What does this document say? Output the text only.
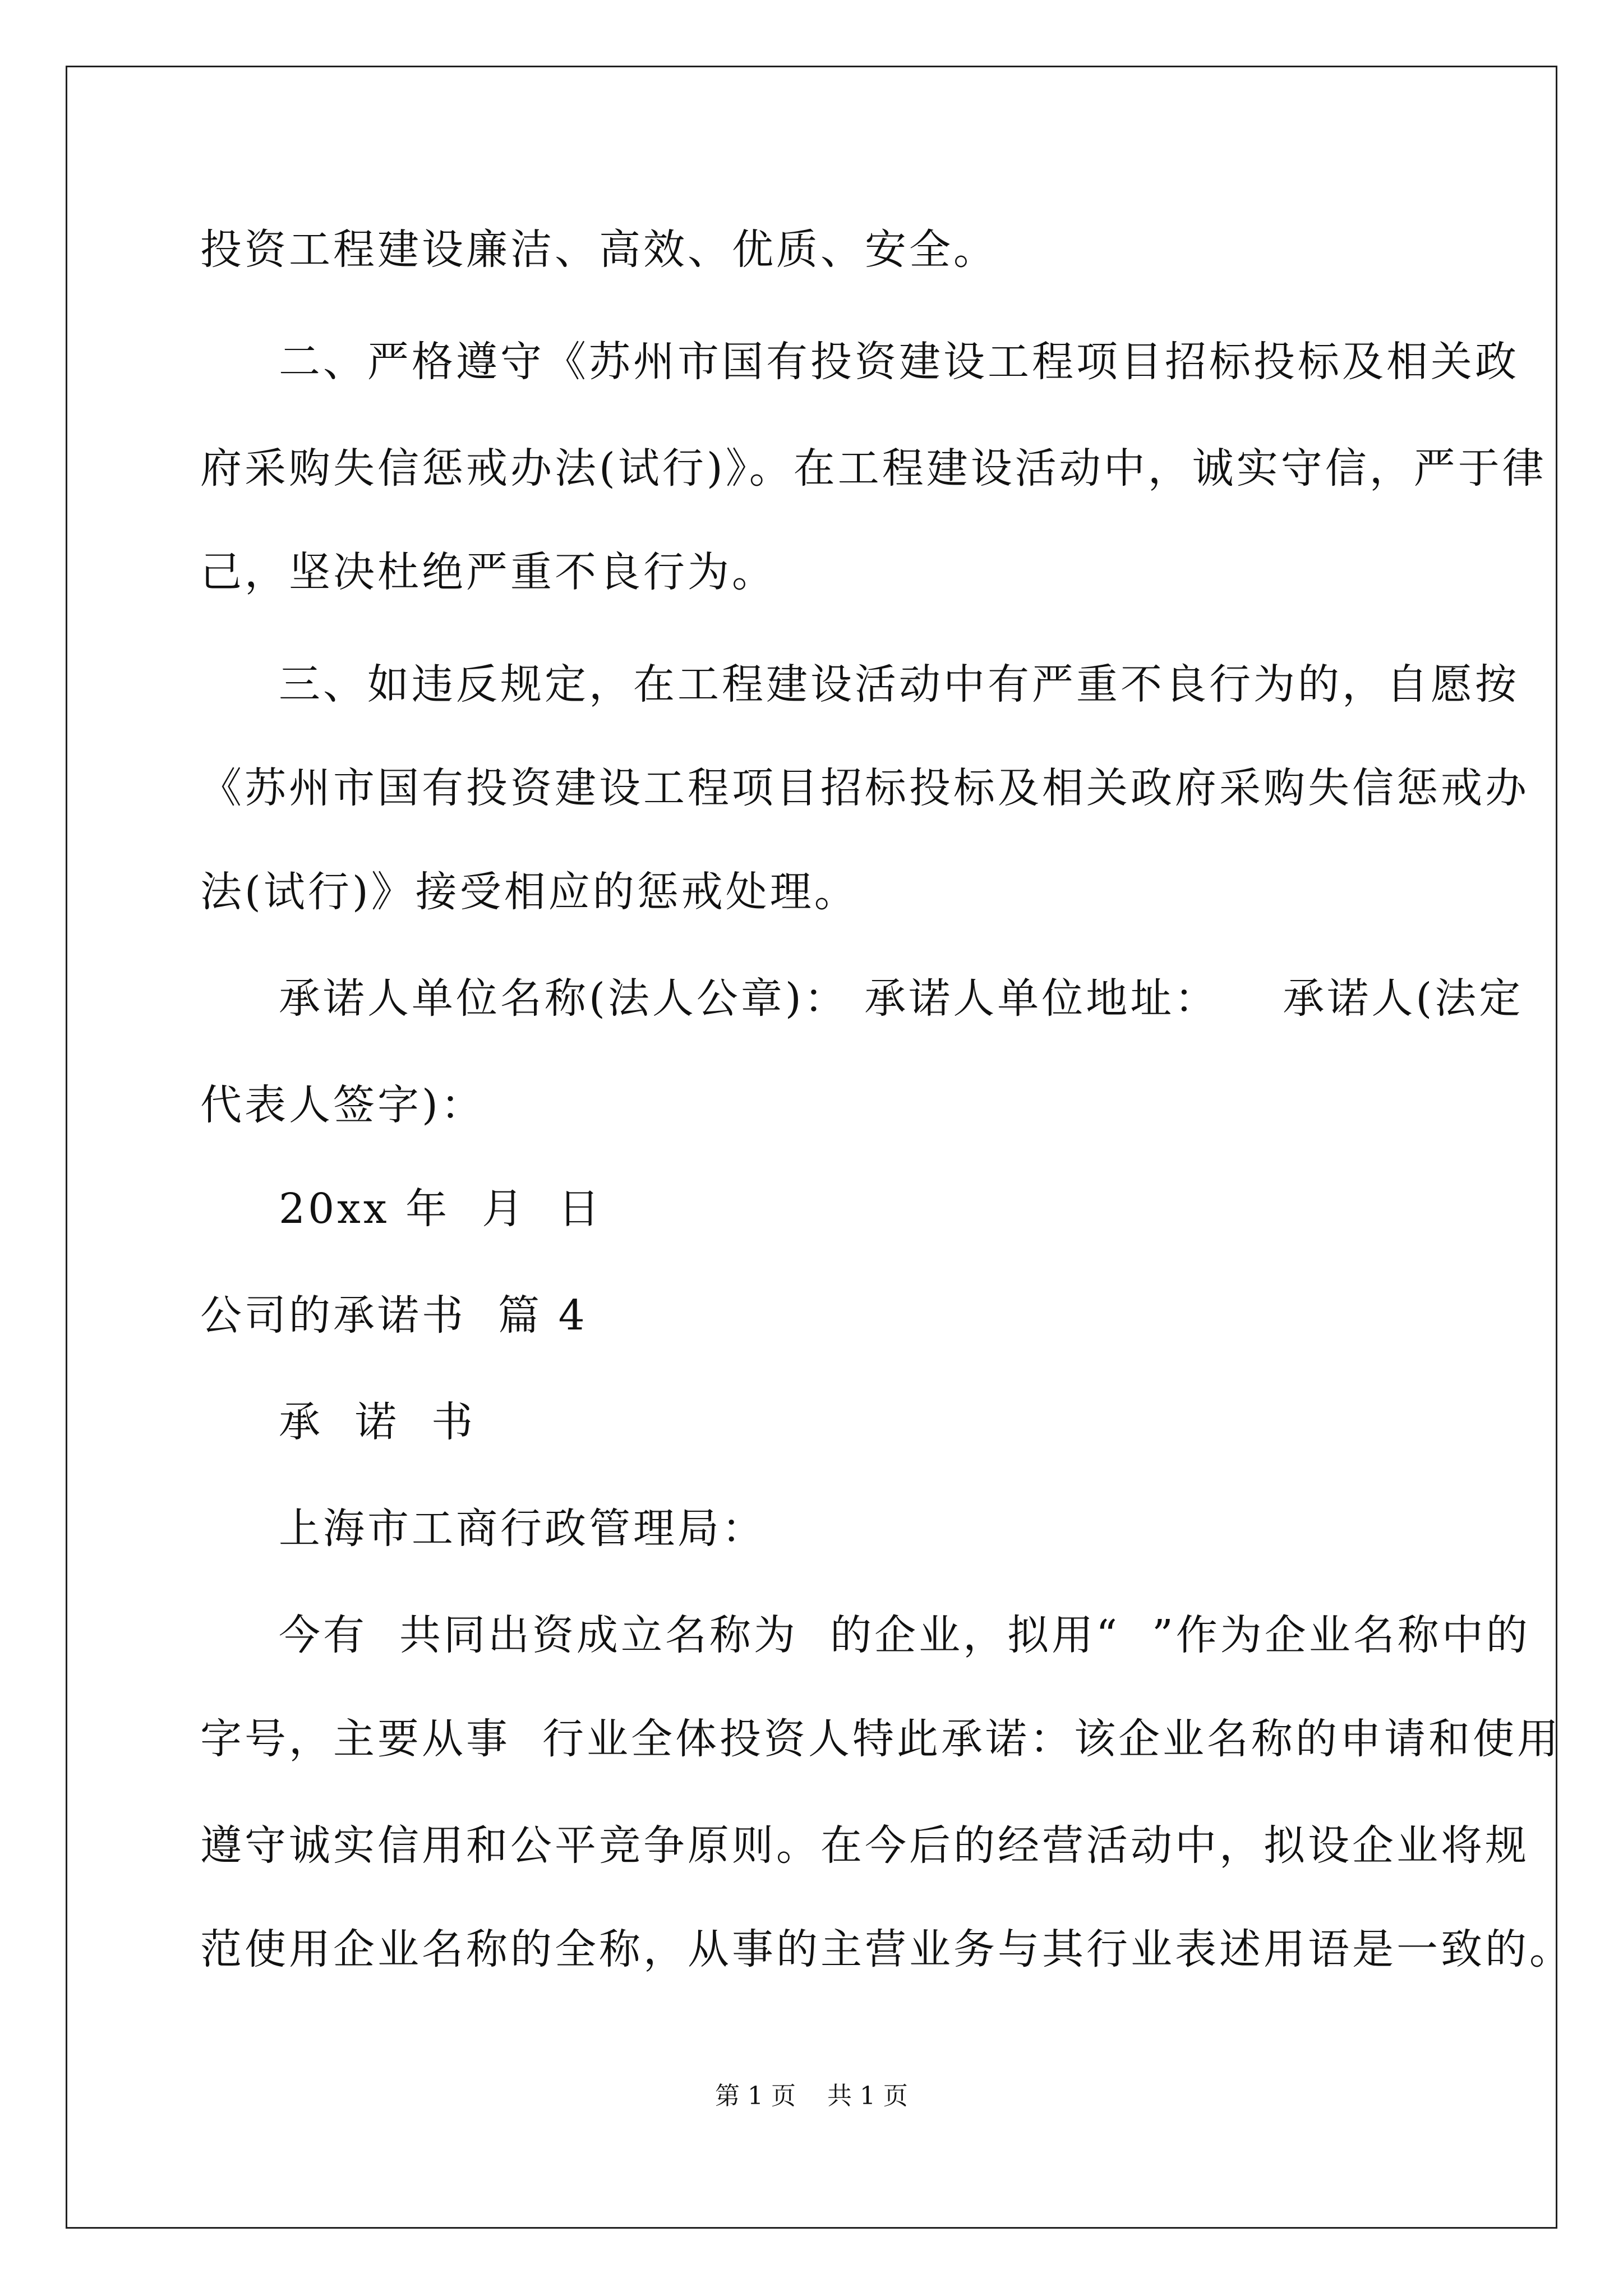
投资工程建设廉洁、高效、优质、安全。
二、严格遵守《苏州市国有投资建设工程项目招标投标及相关政
府采购失信惩戒办法(试行)》。在工程建设活动中，诚实守信，严于律
己，坚决杜绝严重不良行为。
三、如违反规定，在工程建设活动中有严重不良行为的，自愿按
《苏州市国有投资建设工程项目招标投标及相关政府采购失信惩戒办
法(试行)》接受相应的惩戒处理。
承诺人单位名称(法人公章)： 承诺人单位地址：    承诺人(法定
代表人签字)：
20xx 年  月  日
公司的承诺书  篇 4
承  诺  书
上海市工商行政管理局：
今有  共同出资成立名称为  的企业，拟用“  ”作为企业名称中的
字号，主要从事  行业全体投资人特此承诺：该企业名称的申请和使用
遵守诚实信用和公平竞争原则。在今后的经营活动中，拟设企业将规
范使用企业名称的全称，从事的主营业务与其行业表述用语是一致的。
第 1 页    共 1 页
